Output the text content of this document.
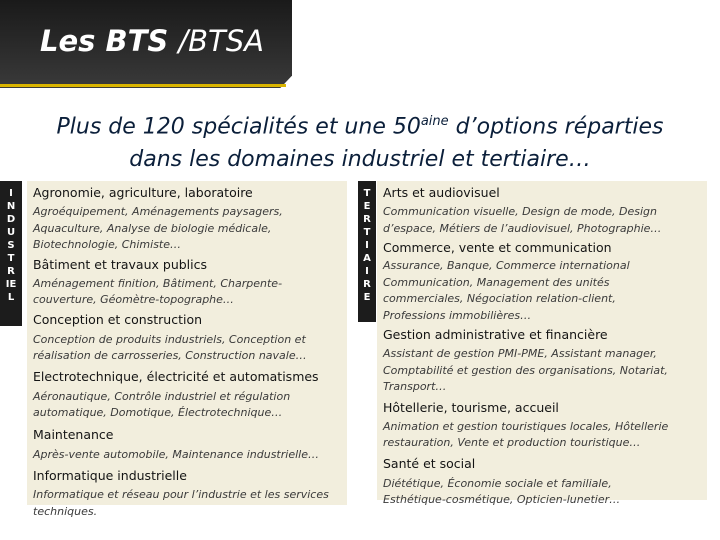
Les BTS /BTSA
Plus de 120 spécialités et une $50^{aine}$ d’options réparties
dans les domaines industriel et tertiaire…
I
N
D
U
S
T
R
IE
L
Agronomie, agriculture, laboratoire
Agroéquipement, Aménagements paysagers,
Aquaculture, Analyse de biologie médicale,
Biotechnologie, Chimiste…
Bâtiment et travaux publics
Aménagement finition, Bâtiment, Charpente-
couverture, Géomètre-topographe…
Conception et construction
Conception de produits industriels, Conception et
réalisation de carrosseries, Construction navale…
Electrotechnique, électricité et automatismes
Aéronautique, Contrôle industriel et régulation
automatique, Domotique, Électrotechnique…
Maintenance
Après-vente automobile, Maintenance industrielle…
Informatique industrielle
Informatique et réseau pour l’industrie et les services
techniques.
T
E
R
T
I
A
I
R
E
Arts et audiovisuel
Communication visuelle, Design de mode, Design
d’espace, Métiers de l’audiovisuel, Photographie…
Commerce, vente et communication
Assurance, Banque, Commerce international
Communication, Management des unités
commerciales, Négociation relation-client,
Professions immobilières…
Gestion administrative et financière
Assistant de gestion PMI-PME, Assistant manager,
Comptabilité et gestion des organisations, Notariat,
Transport…
Hôtellerie, tourisme, accueil
Animation et gestion touristiques locales, Hôtellerie
restauration, Vente et production touristique…
Santé et social
Diététique, Économie sociale et familiale,
Esthétique-cosmétique, Opticien-lunetier…
